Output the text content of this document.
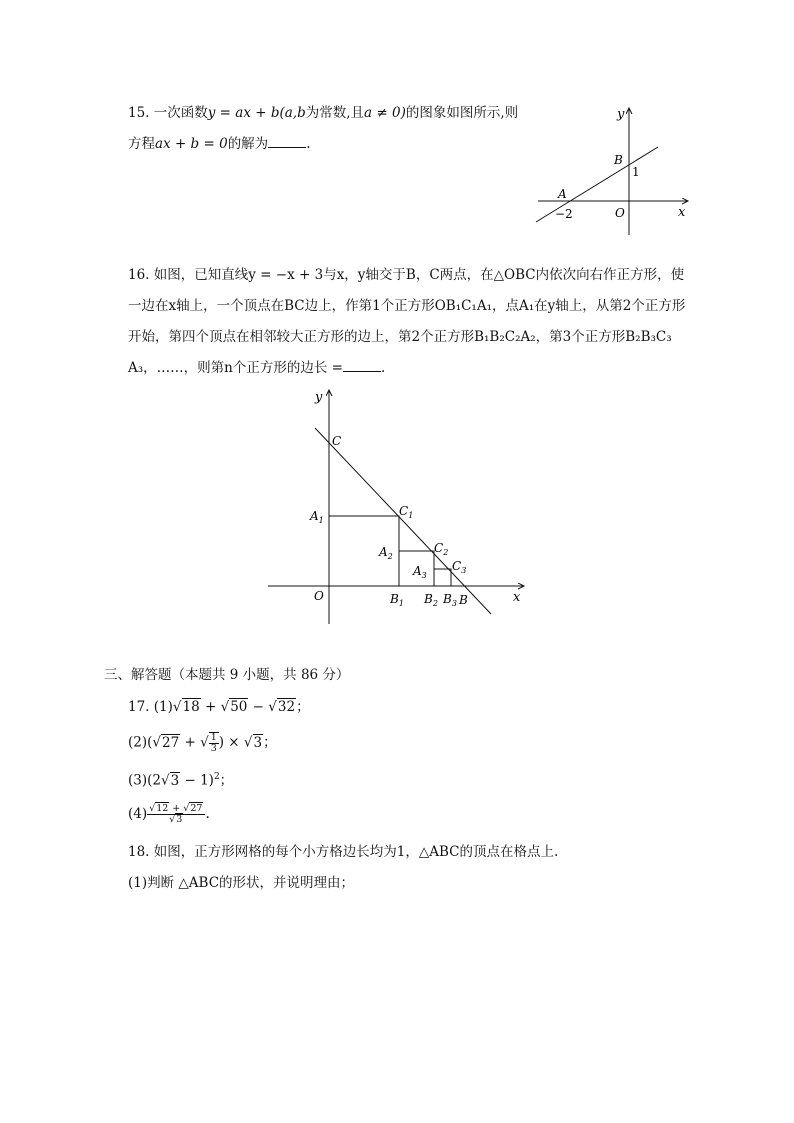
15. 一次函数y = ax + b(a,b为常数,且a ≠ 0)的图象如图所示,则
方程ax + b = 0的解为	.
y
x
B
1
A
O
−2
16. 如图，已知直线y = −x + 3与x，y轴交于B，C两点，在△OBC内依次向右作正方形，使
一边在x轴上，一个顶点在BC边上，作第1个正方形OB₁C₁A₁，点A₁在y轴上，从第2个正方形
开始，第四个顶点在相邻较大正方形的边上，第2个正方形B₁B₂C₂A₂，第3个正方形B₂B₃C₃
A₃，……，则第n个正方形的边长 =	.
y
x
C
O	B
$A_1$
$C_1$
$A_2$
$C_2$
$A_3$
$C_3$
$B_1$ $B_2$ $B_3$
三、解答题（本题共 9 小题，共 86 分）
17. (1)√18 + √50 − √32；
(2)(√27 + √ $\frac{1}{3}$ ) × √3；
$(3)(2√3 - 1)^2$；
$(4) \frac{√12 + √27}{√3}$ .
18. 如图，正方形网格的每个小方格边长均为1，△ABC的顶点在格点上.
(1)判断 △ABC的形状，并说明理由；
